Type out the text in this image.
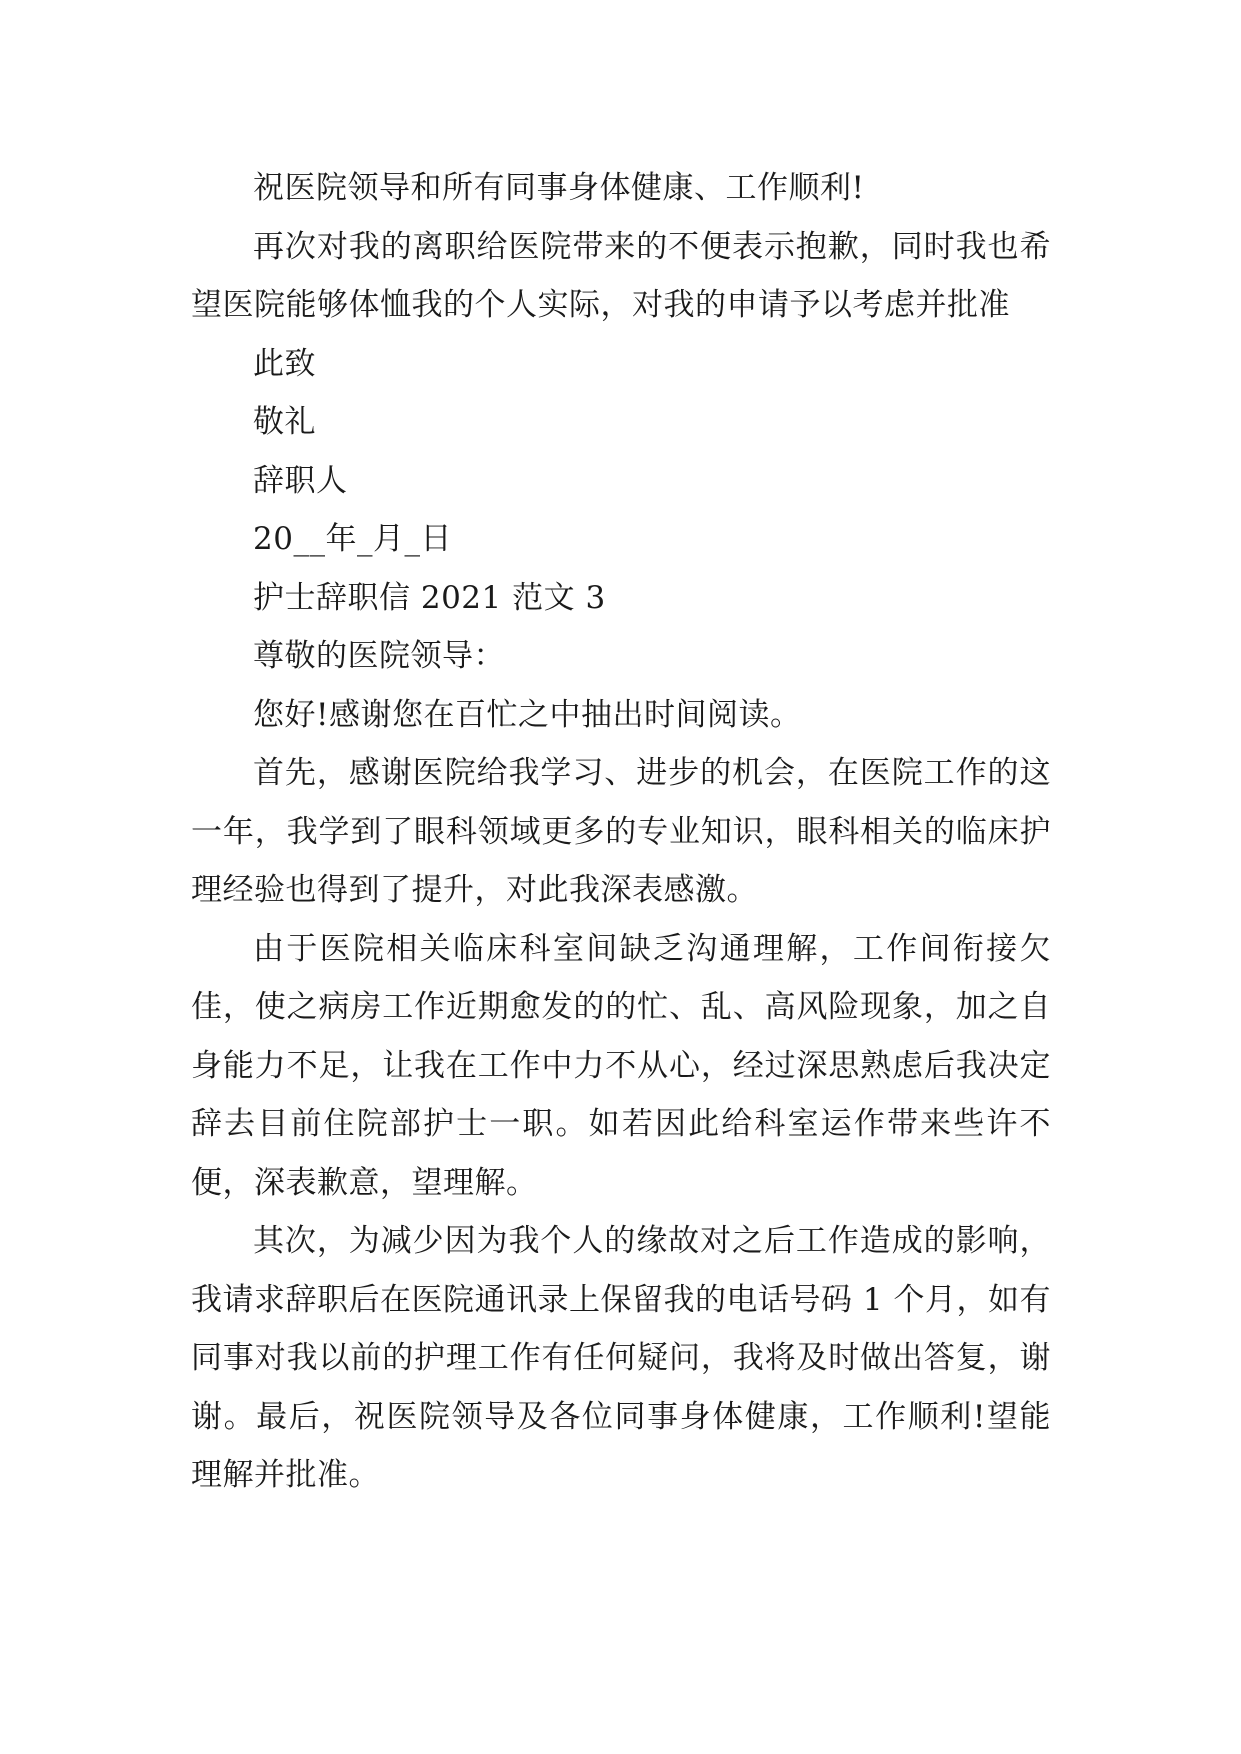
祝医院领导和所有同事身体健康、工作顺利!

再次对我的离职给医院带来的不便表示抱歉，同时我也希望医院能够体恤我的个人实际，对我的申请予以考虑并批准

此致

敬礼

辞职人

20__年_月_日

护士辞职信 2021 范文 3

尊敬的医院领导：

您好!感谢您在百忙之中抽出时间阅读。

首先，感谢医院给我学习、进步的机会，在医院工作的这一年，我学到了眼科领域更多的专业知识，眼科相关的临床护理经验也得到了提升，对此我深表感激。

由于医院相关临床科室间缺乏沟通理解，工作间衔接欠佳，使之病房工作近期愈发的的忙、乱、高风险现象，加之自身能力不足，让我在工作中力不从心，经过深思熟虑后我决定辞去目前住院部护士一职。如若因此给科室运作带来些许不便，深表歉意，望理解。

其次，为减少因为我个人的缘故对之后工作造成的影响，我请求辞职后在医院通讯录上保留我的电话号码 1 个月，如有同事对我以前的护理工作有任何疑问，我将及时做出答复，谢谢。最后，祝医院领导及各位同事身体健康，工作顺利!望能理解并批准。
